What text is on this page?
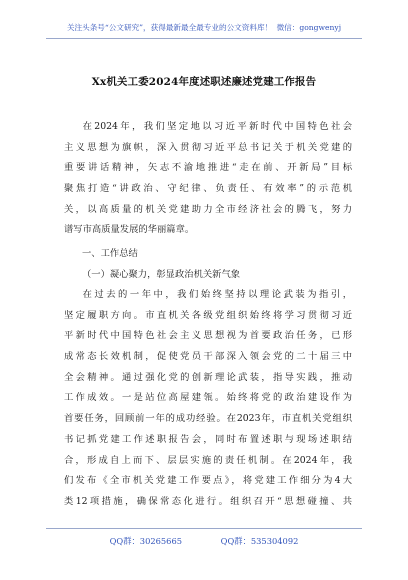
关注头条号“公文研究”，获得最新最全最专业的公文资料库！ 微信：gongwenyj
Xx机关工委2024年度述职述廉述党建工作报告
在2024年，我们坚定地以习近平新时代中国特色社会
主义思想为旗帜，深入贯彻习近平总书记关于机关党建的
重要讲话精神，矢志不渝地推进“走在前、开新局”目标
聚焦打造“讲政治、守纪律、负责任、有效率”的示范机
关，以高质量的机关党建助力全市经济社会的腾飞，努力
谱写市高质量发展的华丽篇章。
一、工作总结
（一）凝心聚力，彰显政治机关新气象
在过去的一年中，我们始终坚持以理论武装为指引，
坚定履职方向。市直机关各级党组织始终将学习贯彻习近
平新时代中国特色社会主义思想视为首要政治任务，已形
成常态长效机制，促使党员干部深入领会党的二十届三中
全会精神。通过强化党的创新理论武装，指导实践，推动
工作成效。一是站位高屋建瓴。始终将党的政治建设作为
首要任务，回顾前一年的成功经验。在2023年，市直机关党组织
书记抓党建工作述职报告会，同时布置述职与现场述职结
合，形成自上而下、层层实施的责任机制。在2024年，我
们发布《全市机关党建工作要点》，将党建工作细分为4大
类12项措施，确保常态化进行。组织召开“思想碰撞、共
QQ群：30265665	QQ群：535304092
